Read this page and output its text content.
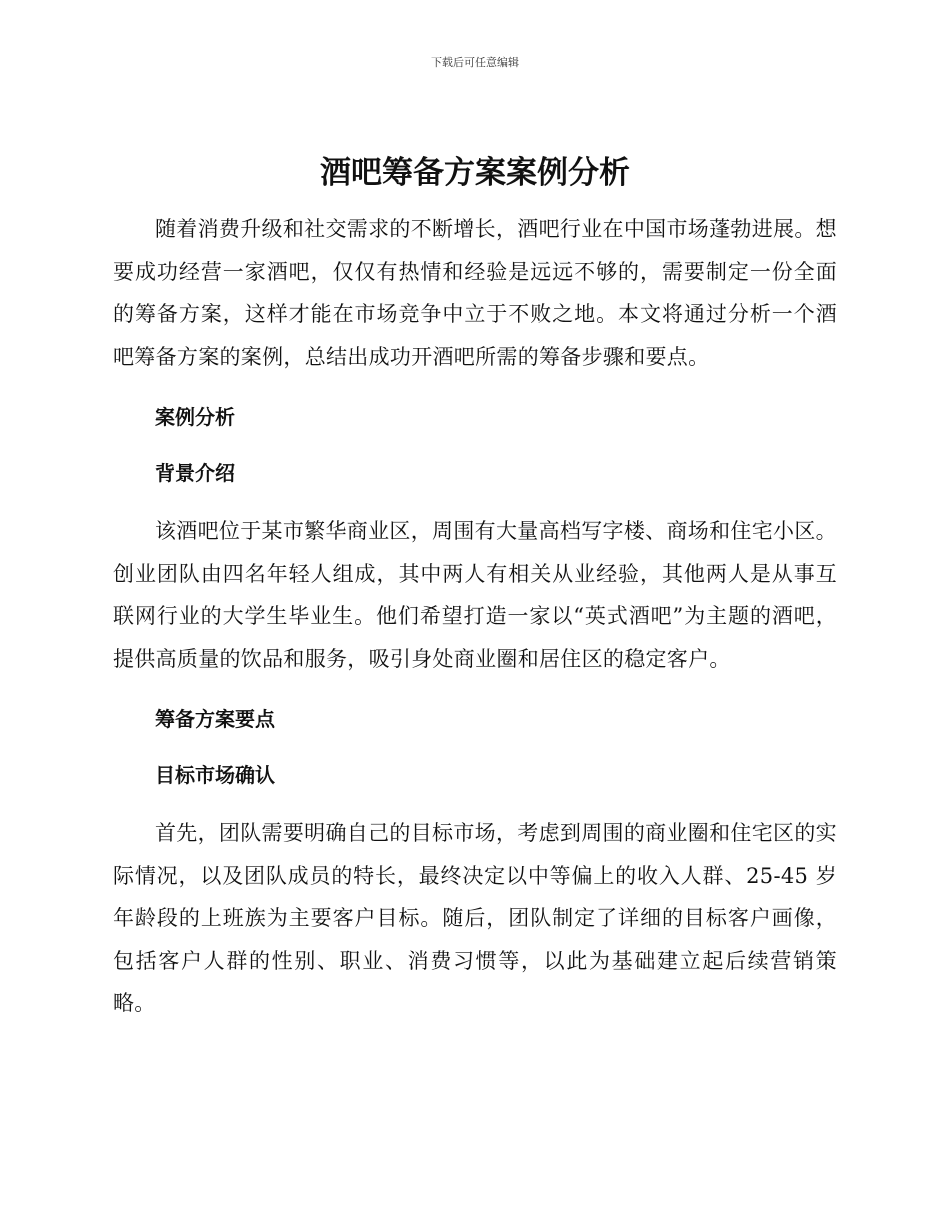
下载后可任意编辑
酒吧筹备方案案例分析

随着消费升级和社交需求的不断增长，酒吧行业在中国市场蓬勃进展。想要成功经营一家酒吧，仅仅有热情和经验是远远不够的，需要制定一份全面的筹备方案，这样才能在市场竞争中立于不败之地。本文将通过分析一个酒吧筹备方案的案例，总结出成功开酒吧所需的筹备步骤和要点。

案例分析
背景介绍

该酒吧位于某市繁华商业区，周围有大量高档写字楼、商场和住宅小区。创业团队由四名年轻人组成，其中两人有相关从业经验，其他两人是从事互联网行业的大学生毕业生。他们希望打造一家以“英式酒吧”为主题的酒吧，提供高质量的饮品和服务，吸引身处商业圈和居住区的稳定客户。

筹备方案要点
目标市场确认

首先，团队需要明确自己的目标市场，考虑到周围的商业圈和住宅区的实际情况，以及团队成员的特长，最终决定以中等偏上的收入人群、25-45 岁年龄段的上班族为主要客户目标。随后，团队制定了详细的目标客户画像，包括客户人群的性别、职业、消费习惯等，以此为基础建立起后续营销策略。
